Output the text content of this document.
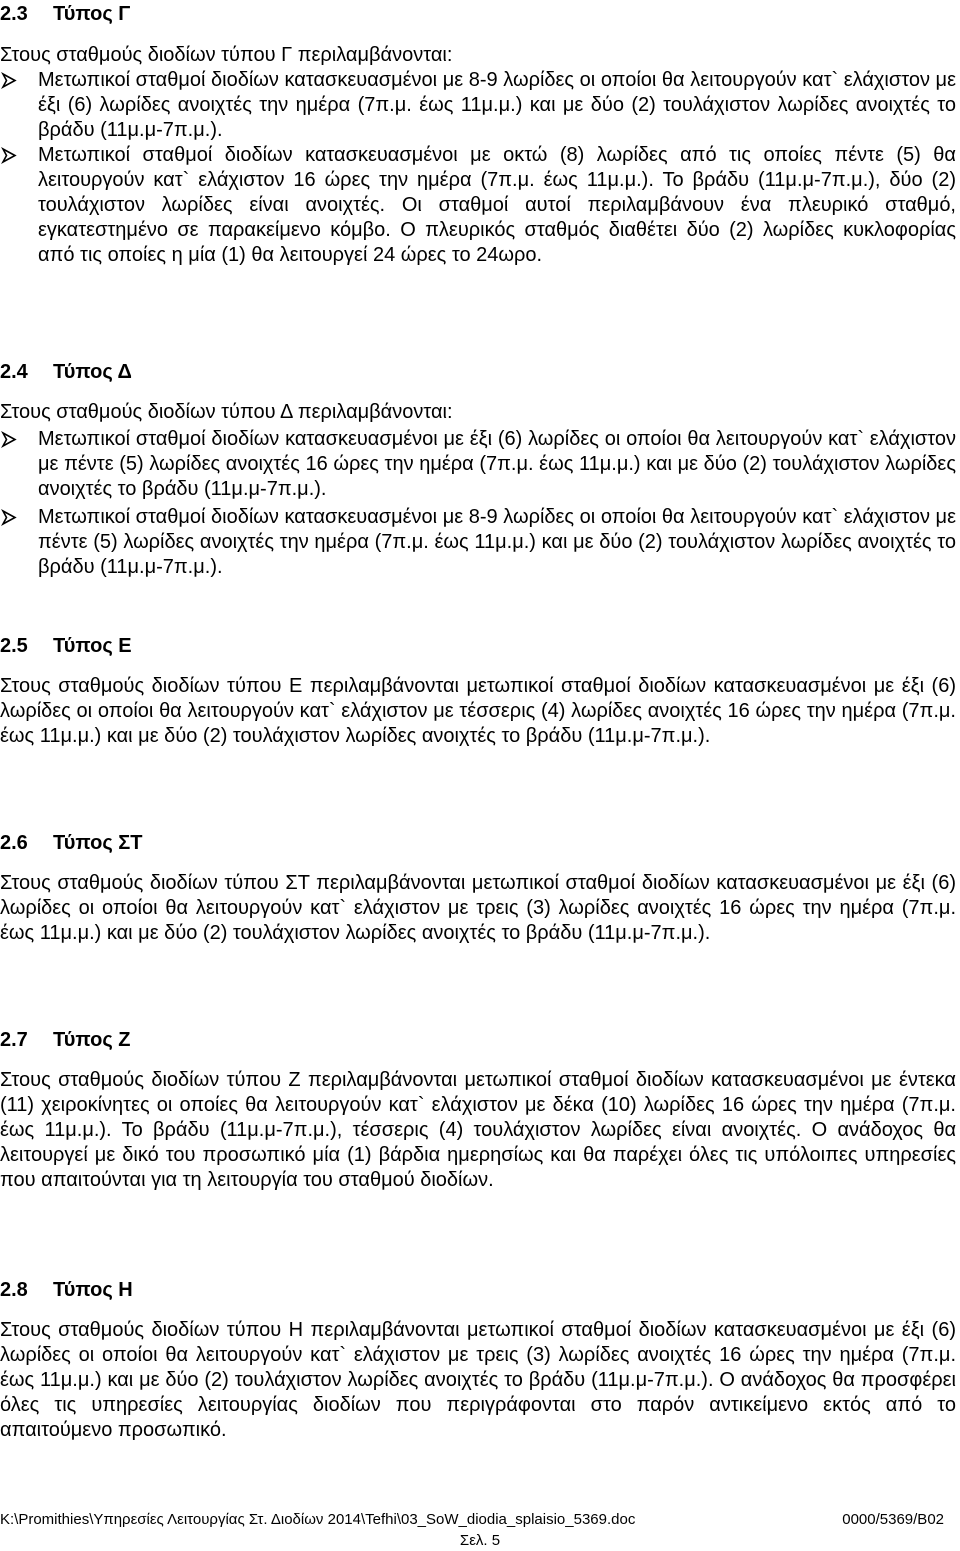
2.3 Τύπος Γ

Στους σταθμούς διοδίων τύπου Γ περιλαμβάνονται:

Μετωπικοί σταθμοί διοδίων κατασκευασμένοι με 8-9 λωρίδες οι οποίοι θα λειτουργούν κατ` ελάχιστον με έξι (6) λωρίδες ανοιχτές την ημέρα (7π.μ. έως 11μ.μ.) και με δύο (2) τουλάχιστον λωρίδες ανοιχτές το βράδυ (11μ.μ-7π.μ.).
Μετωπικοί σταθμοί διοδίων κατασκευασμένοι με οκτώ (8) λωρίδες από τις οποίες πέντε (5) θα λειτουργούν κατ` ελάχιστον 16 ώρες την ημέρα (7π.μ. έως 11μ.μ.). Το βράδυ (11μ.μ-7π.μ.), δύο (2) τουλάχιστον λωρίδες είναι ανοιχτές. Οι σταθμοί αυτοί περιλαμβάνουν ένα πλευρικό σταθμό, εγκατεστημένο σε παρακείμενο κόμβο. Ο πλευρικός σταθμός διαθέτει δύο (2) λωρίδες κυκλοφορίας από τις οποίες η μία (1) θα λειτουργεί 24 ώρες το 24ωρο.
2.4 Τύπος Δ

Στους σταθμούς διοδίων τύπου Δ περιλαμβάνονται:

Μετωπικοί σταθμοί διοδίων κατασκευασμένοι με έξι (6) λωρίδες οι οποίοι θα λειτουργούν κατ` ελάχιστον με πέντε (5) λωρίδες ανοιχτές 16 ώρες την ημέρα (7π.μ. έως 11μ.μ.) και με δύο (2) τουλάχιστον λωρίδες ανοιχτές το βράδυ (11μ.μ-7π.μ.).
Μετωπικοί σταθμοί διοδίων κατασκευασμένοι με 8-9 λωρίδες οι οποίοι θα λειτουργούν κατ` ελάχιστον με πέντε (5) λωρίδες ανοιχτές την ημέρα (7π.μ. έως 11μ.μ.) και με δύο (2) τουλάχιστον λωρίδες ανοιχτές το βράδυ (11μ.μ-7π.μ.).
2.5 Τύπος Ε

Στους σταθμούς διοδίων τύπου Ε περιλαμβάνονται μετωπικοί σταθμοί διοδίων κατασκευασμένοι με έξι (6) λωρίδες οι οποίοι θα λειτουργούν κατ` ελάχιστον με τέσσερις (4) λωρίδες ανοιχτές 16 ώρες την ημέρα (7π.μ. έως 11μ.μ.) και με δύο (2) τουλάχιστον λωρίδες ανοιχτές το βράδυ (11μ.μ-7π.μ.).

2.6 Τύπος ΣΤ

Στους σταθμούς διοδίων τύπου ΣΤ περιλαμβάνονται μετωπικοί σταθμοί διοδίων κατασκευασμένοι με έξι (6) λωρίδες οι οποίοι θα λειτουργούν κατ` ελάχιστον με τρεις (3) λωρίδες ανοιχτές 16 ώρες την ημέρα (7π.μ. έως 11μ.μ.) και με δύο (2) τουλάχιστον λωρίδες ανοιχτές το βράδυ (11μ.μ-7π.μ.).

2.7 Τύπος Ζ

Στους σταθμούς διοδίων τύπου Ζ περιλαμβάνονται μετωπικοί σταθμοί διοδίων κατασκευασμένοι με έντεκα (11) χειροκίνητες οι οποίες θα λειτουργούν κατ` ελάχιστον με δέκα (10) λωρίδες 16 ώρες την ημέρα (7π.μ. έως 11μ.μ.). Το βράδυ (11μ.μ-7π.μ.), τέσσερις (4) τουλάχιστον λωρίδες είναι ανοιχτές. Ο ανάδοχος θα λειτουργεί με δικό του προσωπικό μία (1) βάρδια ημερησίως και θα παρέχει όλες τις υπόλοιπες υπηρεσίες που απαιτούνται για τη λειτουργία του σταθμού διοδίων.

2.8 Τύπος Η

Στους σταθμούς διοδίων τύπου Η περιλαμβάνονται μετωπικοί σταθμοί διοδίων κατασκευασμένοι με έξι (6) λωρίδες οι οποίοι θα λειτουργούν κατ` ελάχιστον με τρεις (3) λωρίδες ανοιχτές 16 ώρες την ημέρα (7π.μ. έως 11μ.μ.) και με δύο (2) τουλάχιστον λωρίδες ανοιχτές το βράδυ (11μ.μ-7π.μ.). Ο ανάδοχος θα προσφέρει όλες τις υπηρεσίες λειτουργίας διοδίων που περιγράφονται στο παρόν αντικείμενο εκτός από το απαιτούμενο προσωπικό.

K:\Promithies\Υπηρεσίες Λειτουργίας Στ. Διοδίων 2014\Tefhi\03_SoW_diodia_splaisio_5369.doc	0000/5369/B02
Σελ. 5
